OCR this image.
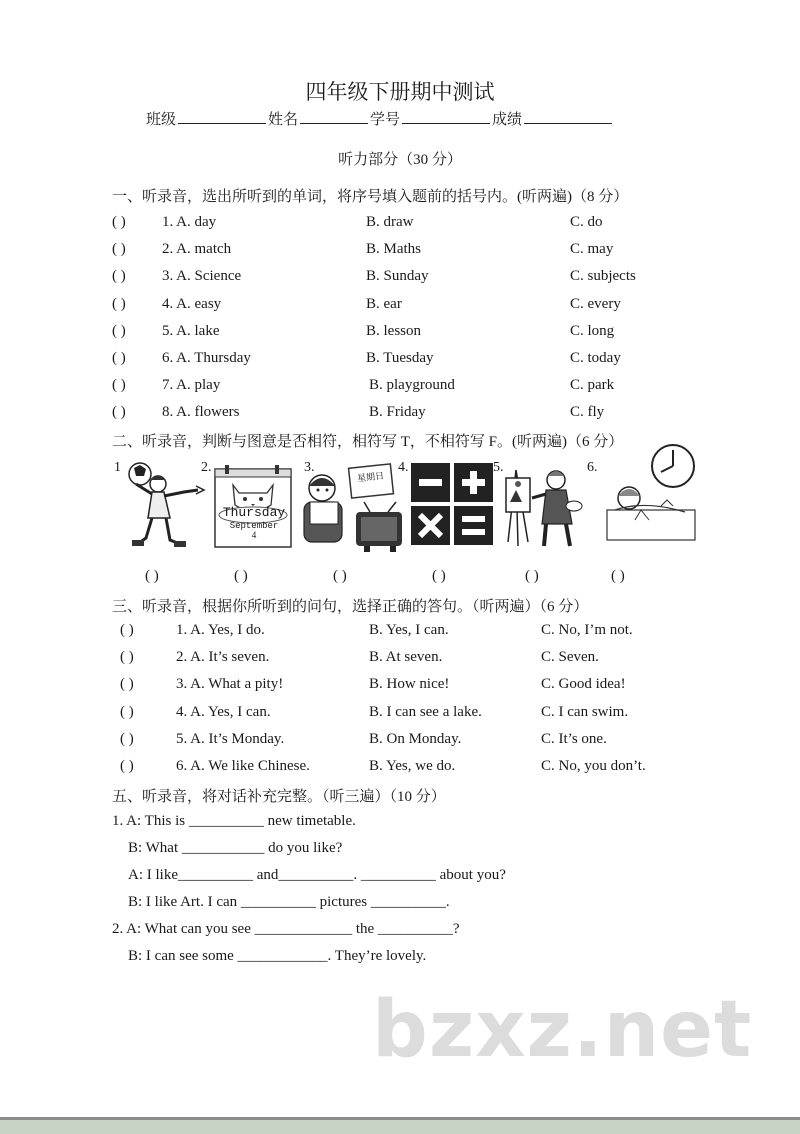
四年级下册期中测试
班级	姓名	学号	成绩
听力部分（30 分）
一、听录音，选出所听到的单词，将序号填入题前的括号内。(听两遍)（8 分）
( ) 1. A. day	B. draw	C. do
( ) 2. A. match	B. Maths	C. may
( ) 3. A. Science	B. Sunday	C. subjects
( ) 4. A. easy	B. ear	C. every
( ) 5. A. lake	B. lesson	C. long
( ) 6. A. Thursday	B. Tuesday	C. today
( ) 7. A. play	B. playground	C. park
( ) 8. A. flowers	B. Friday	C. fly
二、听录音，判断与图意是否相符，相符写 T，不相符写 F。(听两遍)（6 分）
1	2.	3.	4.	5.	6.
Thursday
September
4
星期日
( )	( )	( )	( )	( )	( )
三、听录音，根据你所听到的问句，选择正确的答句。（听两遍）（6 分）
( )	1. A. Yes, I do.	B. Yes, I can.	C. No, I’m not.
( )	2. A. It’s seven.	B. At seven.	C. Seven.
( )	3. A. What a pity!	B. How nice!	C. Good idea!
( )	4. A. Yes, I can.	B. I can see a lake.	C. I can swim.
( )	5. A. It’s Monday.	B. On Monday.	C. It’s one.
( )	6. A. We like Chinese.	B. Yes, we do.	C. No, you don’t.
五、听录音，将对话补充完整。（听三遍）（10 分）
1. A: This is __________ new timetable.
B: What ___________ do you like?
A: I like__________ and__________. __________ about you?
B: I like Art. I can __________ pictures __________.
2. A: What can you see _____________ the __________?
B: I can see some ____________. They’re lovely.
bzxz.net
